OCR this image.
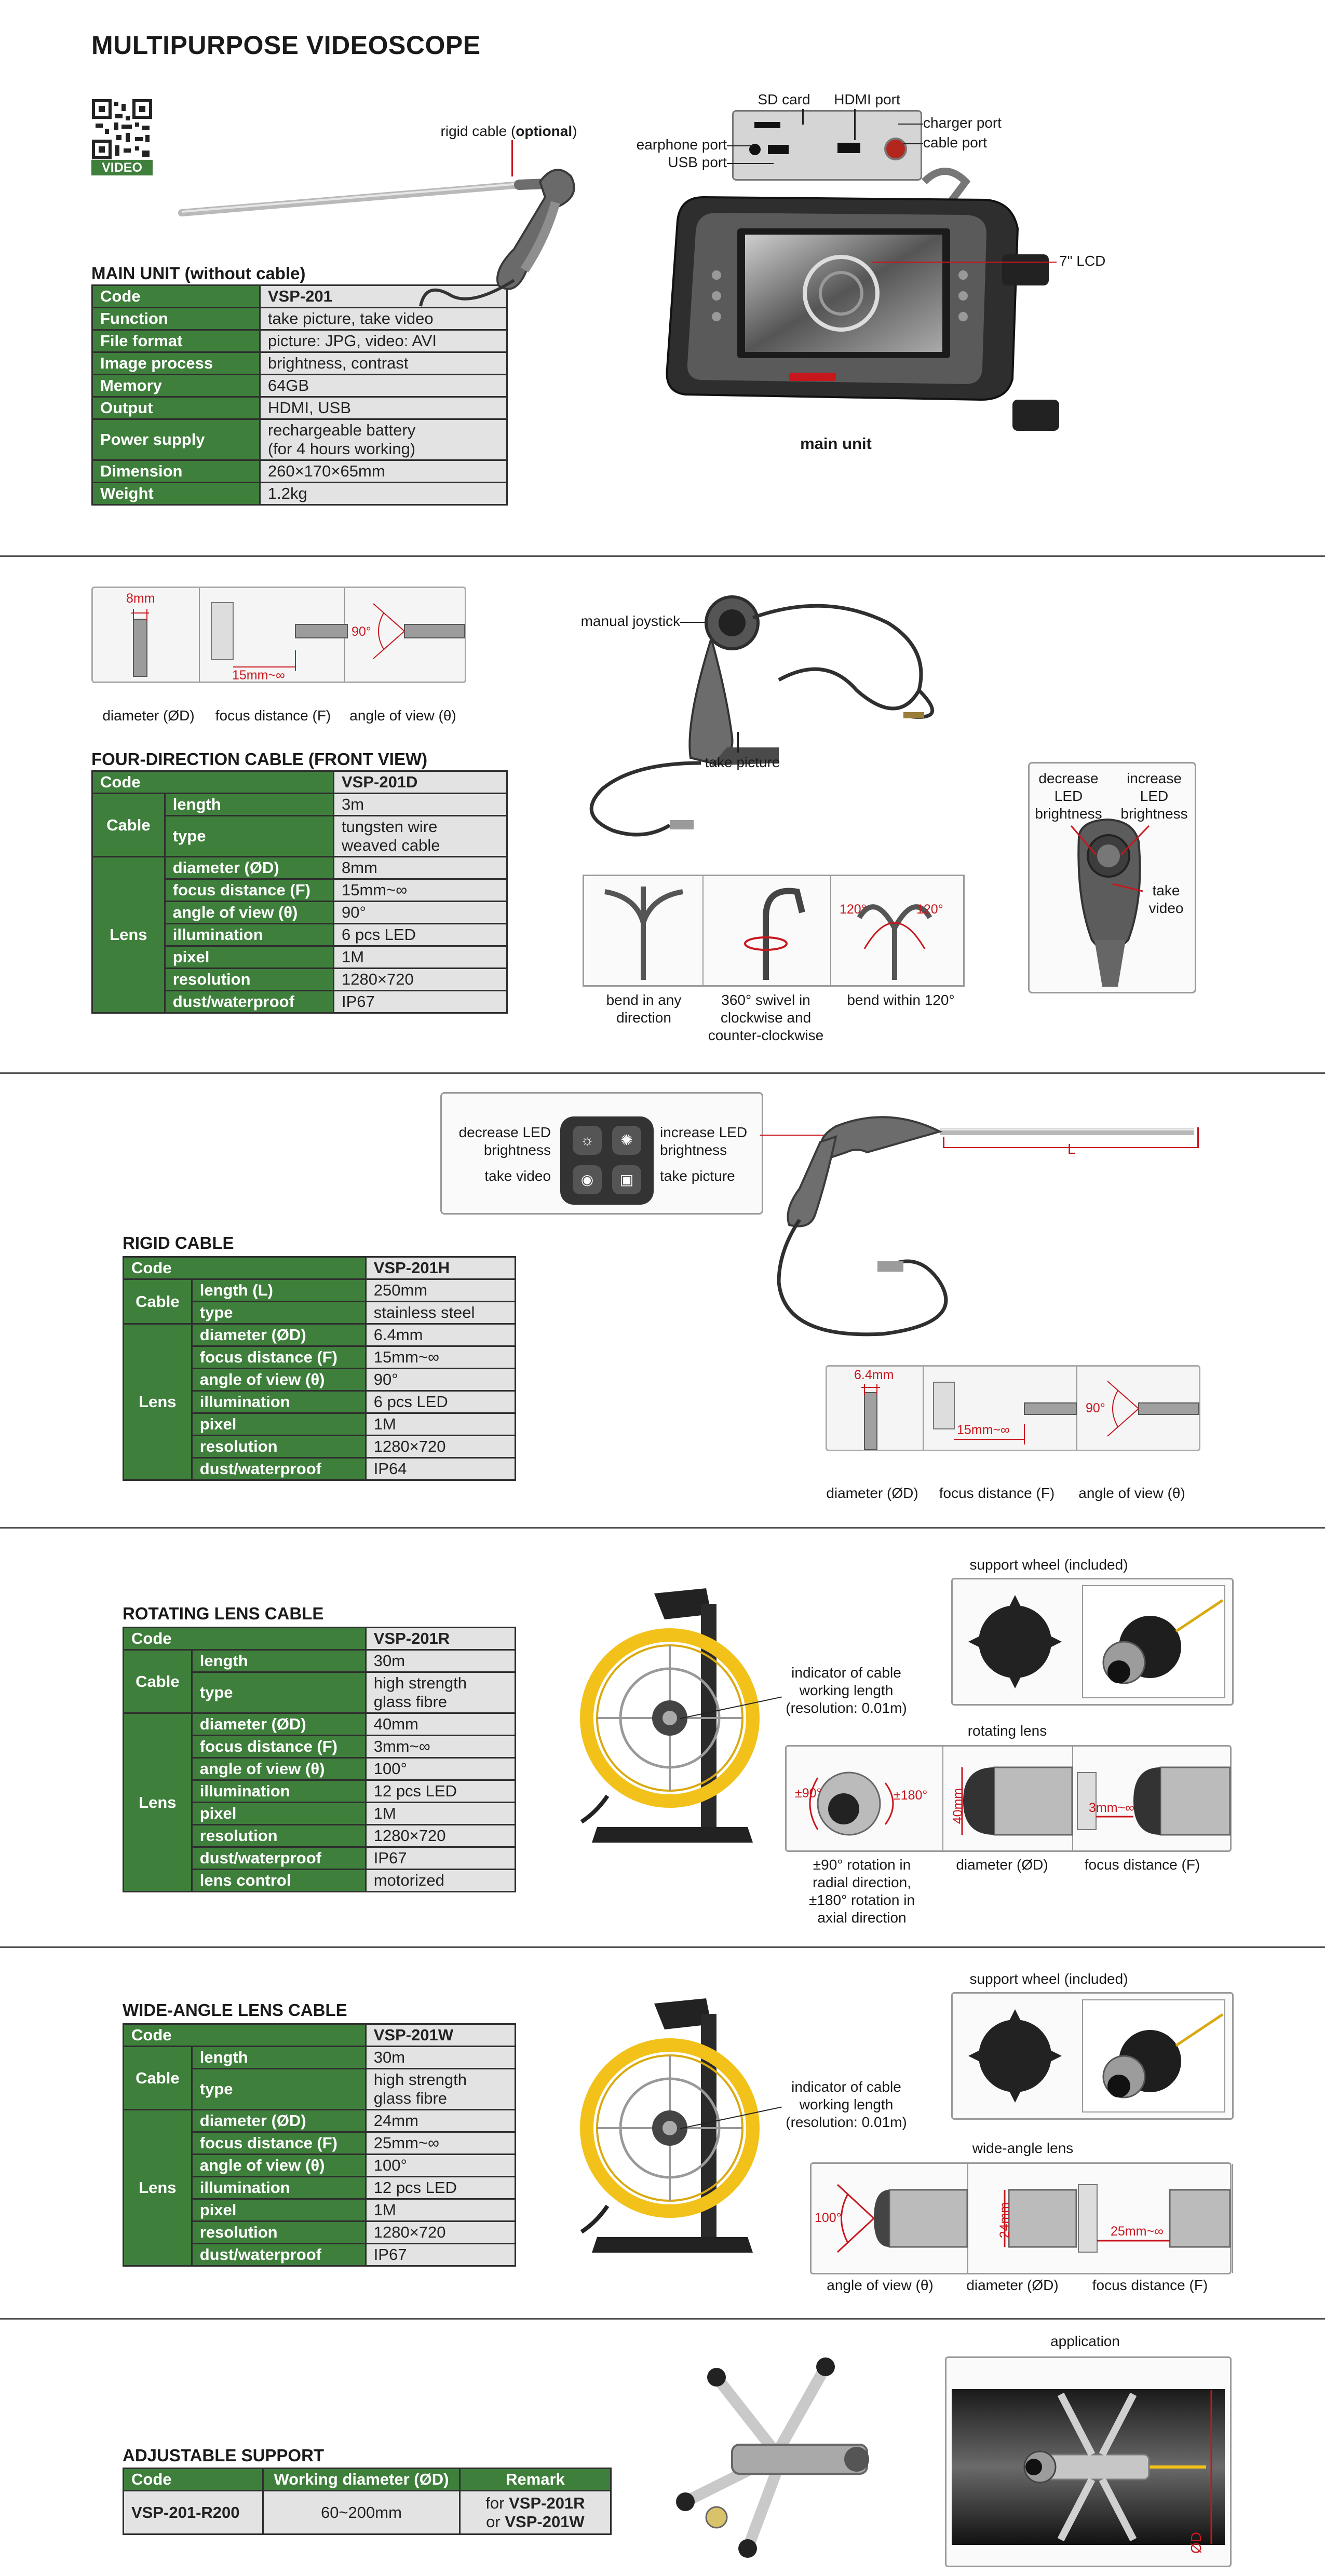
MULTIPURPOSE VIDEOSCOPE
VIDEO
MAIN UNIT (without cable)
Code	VSP-201
Function	take picture, take video
File format	picture: JPG, video: AVI
Image process	brightness, contrast
Memory	64GB
Output	HDMI, USB
Power supply	rechargeable battery
(for 4 hours working)
Dimension	260×170×65mm
Weight	1.2kg
rigid cable (optional)
SD card	HDMI port
earphone port
USB port
charger port
cable port
7" LCD
main unit
8mm
15mm~∞
90°
diameter (ØD)	focus distance (F)	angle of view (θ)
FOUR-DIRECTION CABLE (FRONT VIEW)
Code		VSP-201D
Cable	length	3m
	type	tungsten wire
weaved cable
Lens	diameter (ØD)	8mm
	focus distance (F)	15mm~∞
	angle of view (θ)	90°
	illumination	6 pcs LED
	pixel	1M
	resolution	1280×720
	dust/waterproof	IP67
manual joystick
take picture
120°	120°
bend in any direction
360° swivel in clockwise and counter-clockwise
bend within 120°
decrease LED brightness
increase LED brightness
take video
decrease LED brightness
increase LED brightness
take video	take picture
☼	✺
◉	▣
L
RIGID CABLE
Code		VSP-201H
Cable	length (L)	250mm
	type	stainless steel
Lens	diameter (ØD)	6.4mm
	focus distance (F)	15mm~∞
	angle of view (θ)	90°
	illumination	6 pcs LED
	pixel	1M
	resolution	1280×720
	dust/waterproof	IP64
6.4mm
15mm~∞
90°
diameter (ØD)	focus distance (F)	angle of view (θ)
ROTATING LENS CABLE
Code		VSP-201R
Cable	length	30m
	type	high strength
glass fibre
Lens	diameter (ØD)	40mm
	focus distance (F)	3mm~∞
	angle of view (θ)	100°
	illumination	12 pcs LED
	pixel	1M
	resolution	1280×720
	dust/waterproof	IP67
	lens control	motorized
indicator of cable working length (resolution: 0.01m)
support wheel (included)
rotating lens
±90°	±180° 40mm	3mm~∞
±90° rotation in radial direction, ±180° rotation in axial direction
diameter (ØD)	focus distance (F)
WIDE-ANGLE LENS CABLE
Code		VSP-201W
Cable	length	30m
	type	high strength
glass fibre
Lens	diameter (ØD)	24mm
	focus distance (F)	25mm~∞
	angle of view (θ)	100°
	illumination	12 pcs LED
	pixel	1M
	resolution	1280×720
	dust/waterproof	IP67
indicator of cable working length (resolution: 0.01m)
support wheel (included)
wide-angle lens
100°	24mm	25mm~∞
angle of view (θ)	diameter (ØD)	focus distance (F)
ADJUSTABLE SUPPORT
Code	Working diameter (ØD)	Remark
VSP-201-R200	60~200mm	for VSP-201R
or VSP-201W
application
ØD
